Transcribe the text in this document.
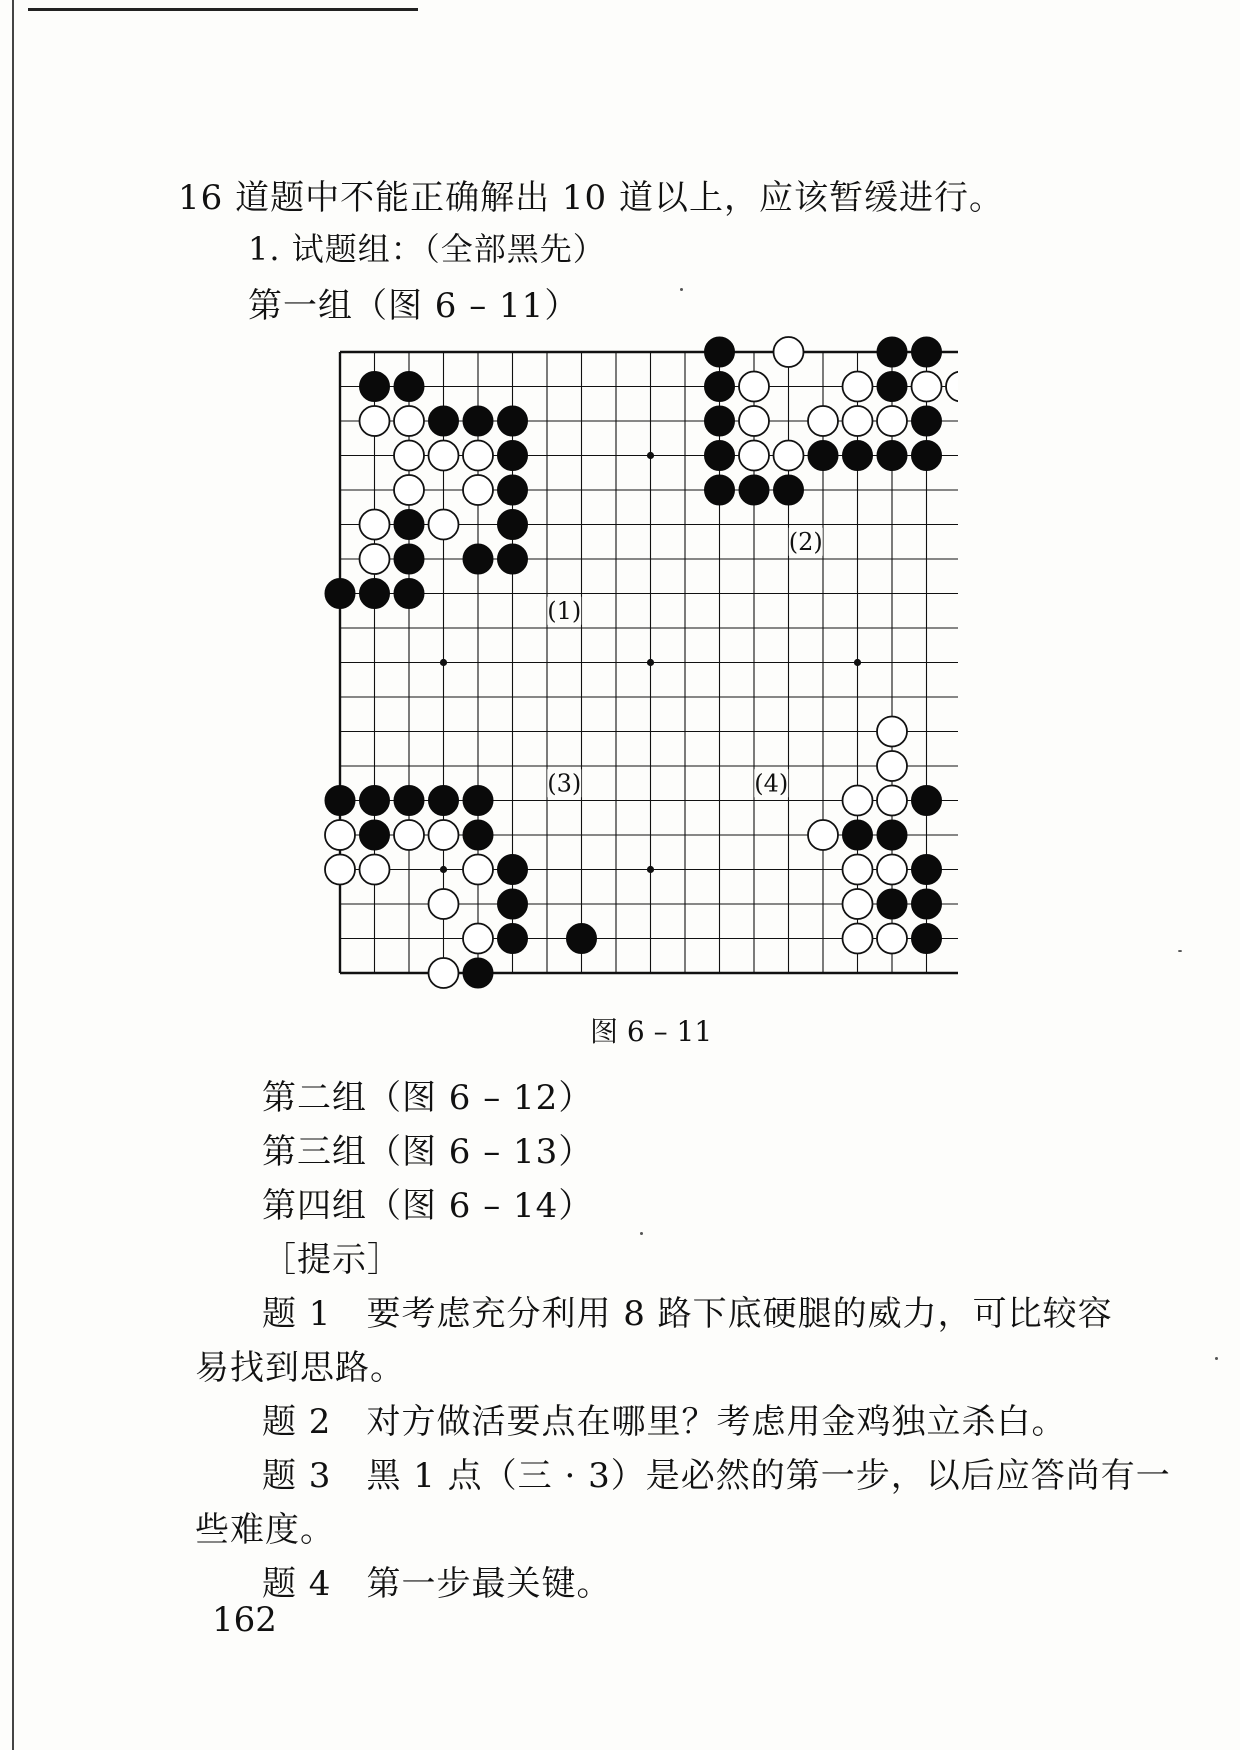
16 道题中不能正确解出 10 道以上，应该暂缓进行。
1. 试题组：（全部黑先）
第一组（图 6 – 11）
(1)
(2)
(3)	(4)
图 6 – 11
第二组（图 6 – 12）
第三组（图 6 – 13）
第四组（图 6 – 14）
［提示］
题 1　要考虑充分利用 8 路下底硬腿的威力，可比较容
易找到思路。
题 2　对方做活要点在哪里？考虑用金鸡独立杀白。
题 3　黑 1 点（三 · 3）是必然的第一步，以后应答尚有一
些难度。
题 4　第一步最关键。
162
